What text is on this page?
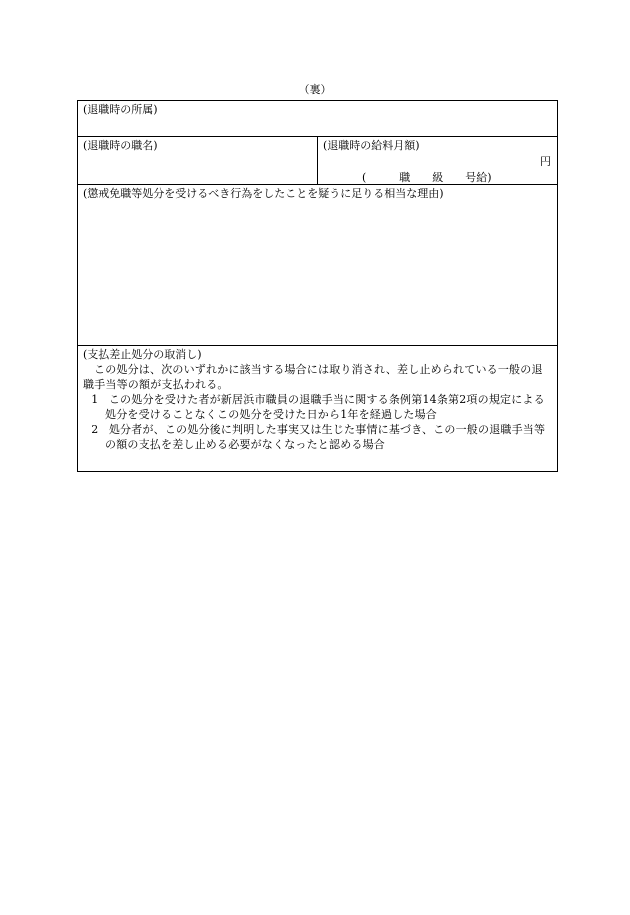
（裏）
(退職時の所属)

(退職時の職名)	(退職時の給料月額)
円
(　　　職　　級　　号給)

(懲戒免職等処分を受けるべき行為をしたことを疑うに足りる相当な理由)

(支払差止処分の取消し)

この処分は、次のいずれかに該当する場合には取り消され、差し止められている一般の退職手当等の額が支払われる。

1 この処分を受けた者が新居浜市職員の退職手当に関する条例第14条第2項の規定による処分を受けることなくこの処分を受けた日から1年を経過した場合

2 処分者が、この処分後に判明した事実又は生じた事情に基づき、この一般の退職手当等の額の支払を差し止める必要がなくなったと認める場合
